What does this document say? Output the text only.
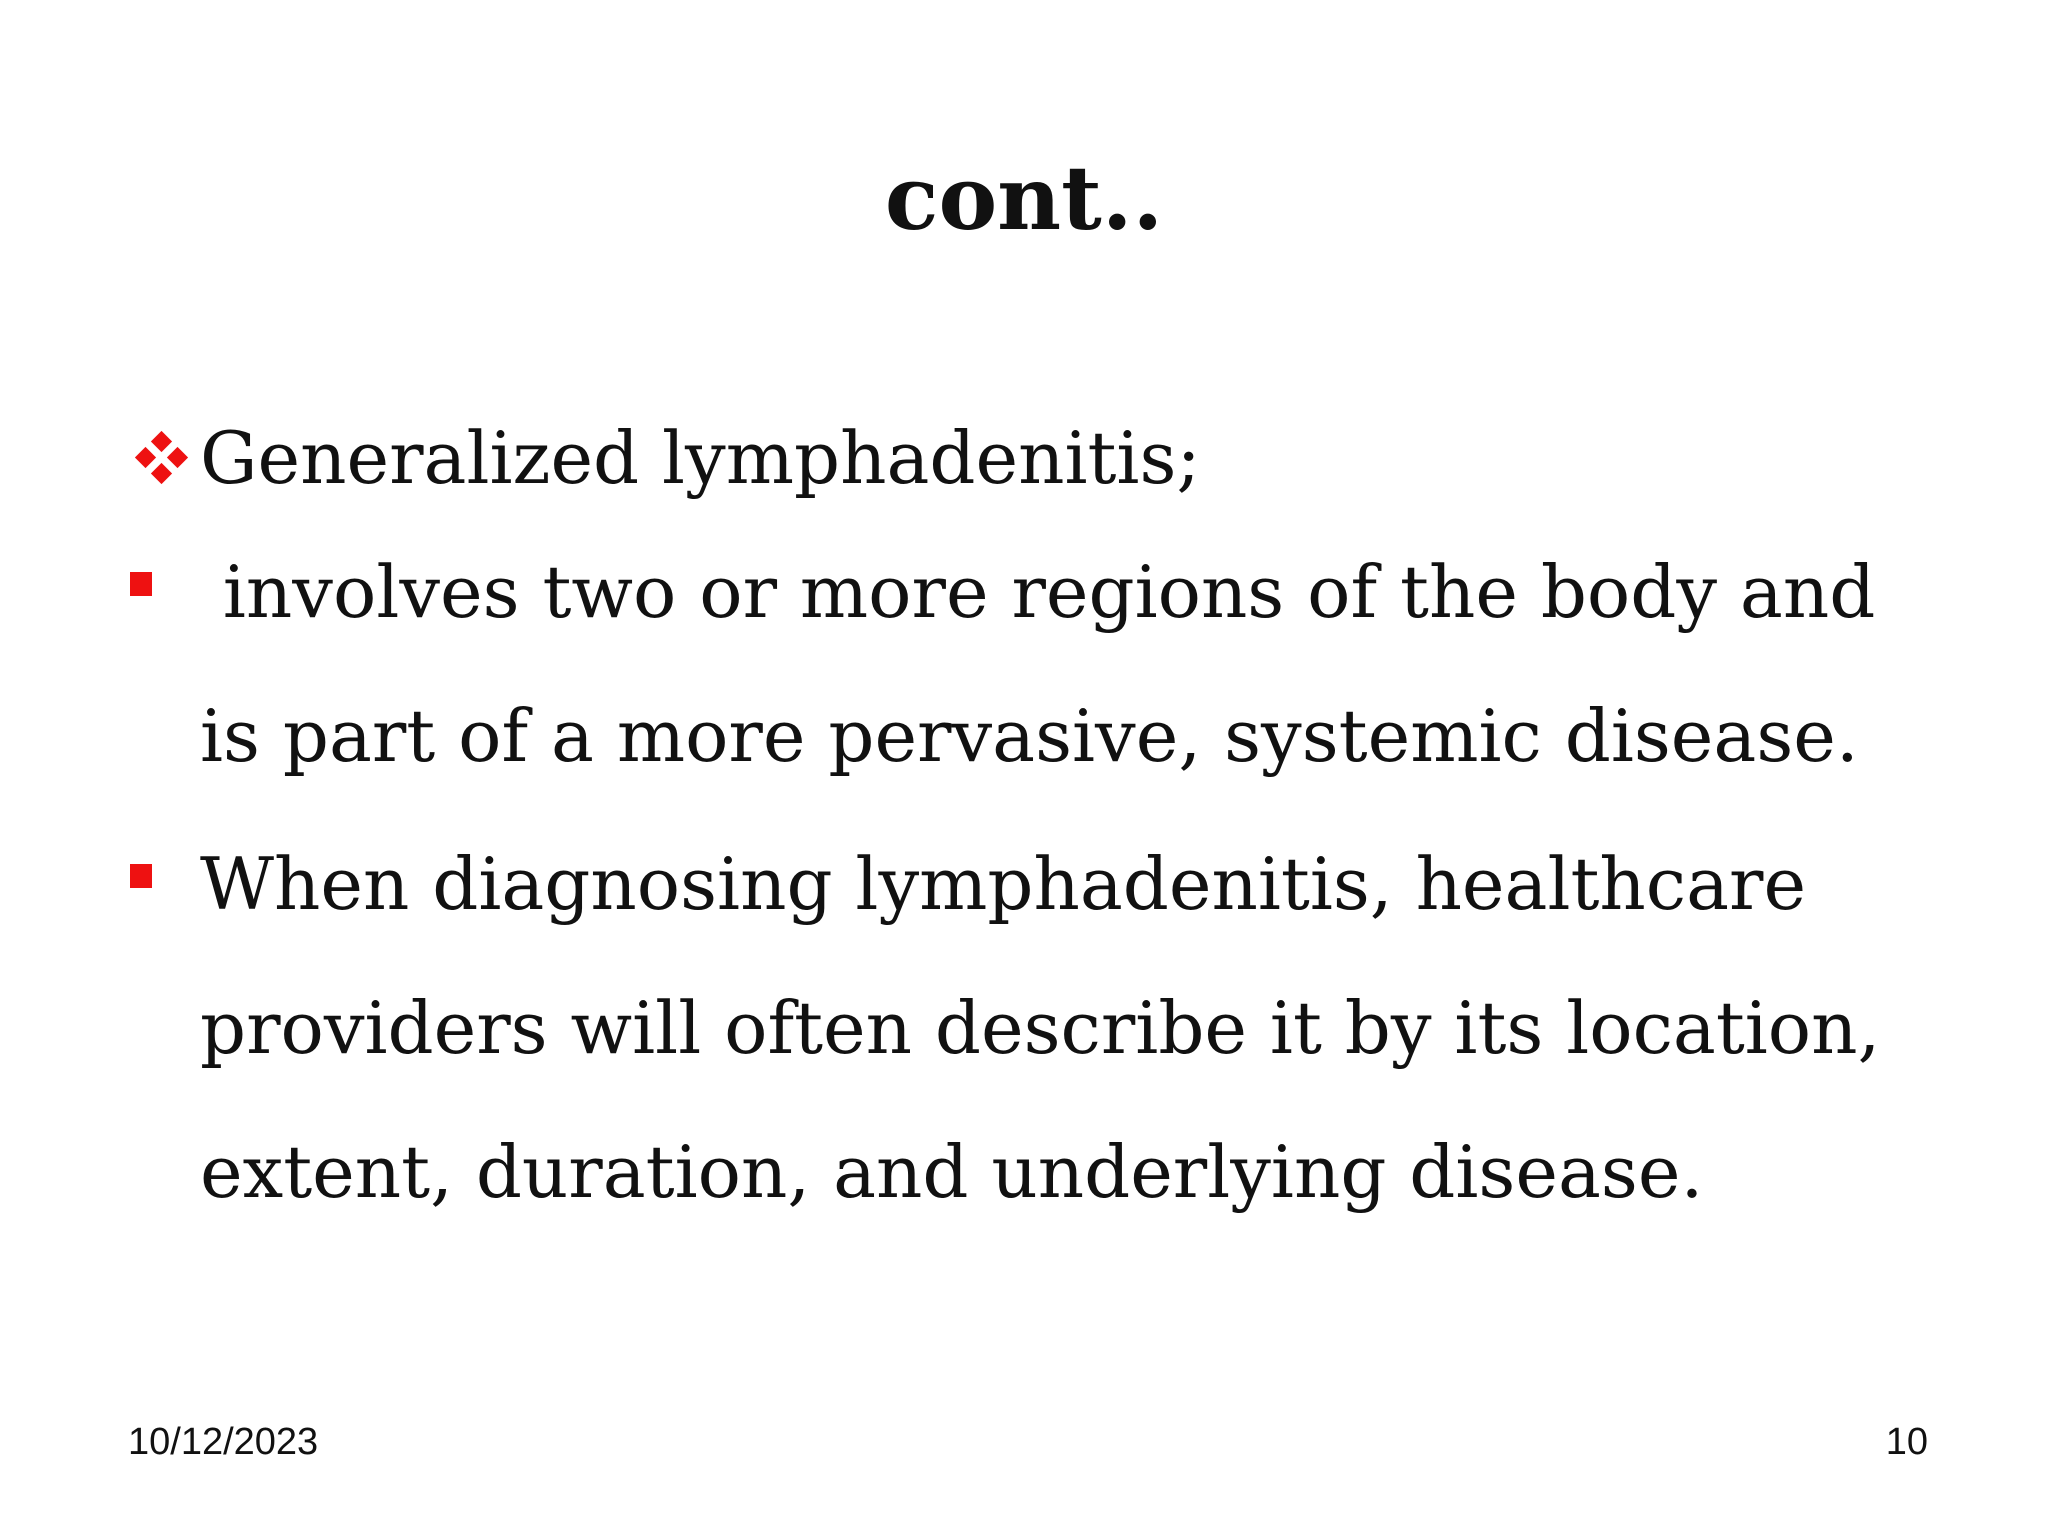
cont..
Generalized lymphadenitis;
involves two or more regions of the body and is part of a more pervasive, systemic disease.
When diagnosing lymphadenitis, healthcare providers will often describe it by its location, extent, duration, and underlying disease.
10/12/2023	10
